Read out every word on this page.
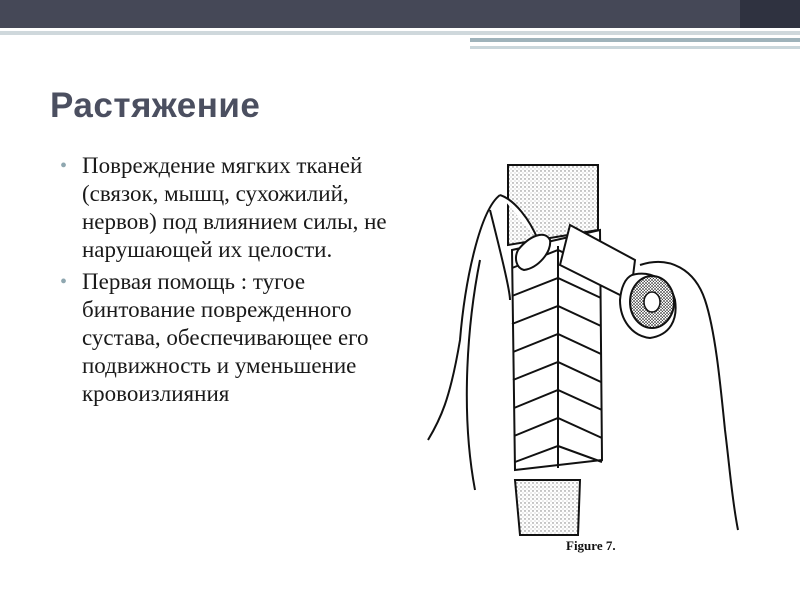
Растяжение
• Повреждение мягких тканей (связок, мышц, сухожилий, нервов) под влиянием силы, не нарушающей их целости.
• Первая помощь : тугое бинтование поврежденного сустава, обеспечивающее его подвижность и уменьшение кровоизлияния
Figure 7.
